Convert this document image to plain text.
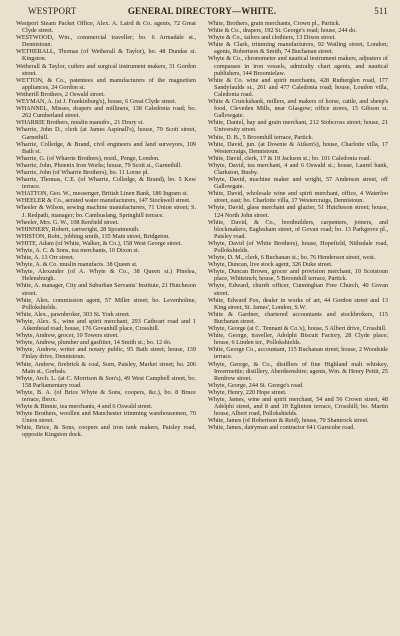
WESTPORT	GENERAL DIRECTORY—WHITE.	511

Westport Steam Packet Office, Alex. A. Laird & Co. agents, 72 Great Clyde street.

WESTWOOD, Wm., commercial traveller; bo. 6 Armadale st., Dennistoun.

WETHERALL, Thomas (of Wetherall & Taylor), bo. 48 Dundas st. Kingston.

Wetherall & Taylor, cutlers and surgical instrument makers, 31 Gordon street.

WETTON, & Co., patentees and manufacturers of the magnetism appliances, 24 Gordon st.

Wetherill Brothers, 2 Oswald street.

WEYMAN, A. (at J. Frankinburg's), house, 6 Great Clyde street.

WHANNEL, Misses, drapers and milliners, 138 Caledonia road; bo. 262 Cumberland street.

WHARRIE Brothers, muslin manufrs., 21 Drury st.

Wharrie, John D., clerk (at James Aspinall's), house, 79 Scott street, Garnethill.

Wharrie, Colledge, & Brand, civil engineers and land surveyors, 109 Bath st.

Wharrie, G. (of Wharrie Brothers), resid., Penge, London.

Wharrie, John, Phoenix Iron Works; house, 79 Scott st., Garnethill.

Wharrie, John (of Wharrie Brothers), bo. 11 Lorne pl.

Wharrie, Thomas, C.E. (of Wharrie, Colledge, & Brand), bo. 5 Kew terrace.

WHATTON, Geo. W., messenger, British Linen Bank, 186 Ingram st.

WHEELER & Co., aerated water manufacturers, 147 Stockwell street.

Wheeler & Wilson, sewing machine manufacturers, 71 Union street; S. J. Redpath, manager; bo. Cambuslang, Springhill terrace.

Wheeler, Mrs. G. W., 108 Renfield street.

WHINNERY, Robert, cartwright, 28 Spoutmouth.

WHISTON, Robt., jobbing smith, 135 Main street, Bridgeton.

WHITE, Adam (of White, Walker, & Co.), 158 West George street.

Whyte, A. C. & Sons, tea merchants, 10 Dixon st.

White, A. 13 Orr street.

Whyte, A. & Co. muslin manufacts. 38 Queen st.

Whyte, Alexander (of A. Whyte & Co., 38 Queen st.) Pinelea, Helensburgh.

White, A. manager, City and Suburban Servants' Institute, 21 Hutcheson street.

White, Alex. commission agent, 57 Miller street; bo. Levenholme, Pollokshields.

White, Alex., pawnbroker, 303 St. York street.

Whyte, Alex. S., wine and spirit merchant, 293 Cathcart road and 1 Aikenhead road; house, 176 Govanhill place, Crosshill.

Whyte, Andrew, grocer, 10 Towers street.

Whyte, Andrew, plumber and gasfitter, 14 Smith st.; bo. 12 do.

Whyte, Andrew, writer and notary public, 95 Bath street; house, 139 Finlay drive, Dennistoun.

White, Andrew, firebrick & coal, Sorn, Paisley, Market street; bo. 206 Main st., Gorbals.

Whyte, Arch. L. (at C. Morrison & Son's), 49 West Campbell street, bo. 158 Parliamentary road.

Whyte, B. A. (of Brice Whyte & Sons, coopers, &c.), bo. 8 Bruce terrace, Ibrox.

Whyte & Binnie, tea merchants, 4 and 6 Oswald street.

Whyte Brothers, woollen and Manchester trimming warehousemen, 70 Union street.

White, Brice, & Sons, coopers and iron tank makers, Paisley road, opposite Kingston dock.

White, Brothers, grain merchants, Crown pl., Partick.

White & Co., drapers, 192 St. George's road; house, 244 do.

Whyte & Co., tailors and clothiers, 13 Dixon street.

White & Clark, trimming manufacturers, 92 Watling street, London; agents, Robertson & Smith, 74 Buchanan street.

Whyte & Co., chronometer and nautical instrument makers, adjusters of compasses in iron vessels, admiralty chart agents, and nautical publishers, 144 Broomielaw.

White & Co. wine and spirit merchants, 428 Rutherglen road, 177 Sandyfaulds st., 261 and 477 Caledonia road; house, Loudon villa, Caledonia road.

White & Cruickshank, millers, and makers of horse, cattle, and sheep's food, Cleveden Mills, near Glasgow; office stores, 15 Gibson st. Gallowgate.

White, Daniel, hay and grain merchant, 212 Stobcross street; house, 21 University street.

White, D. B., 5 Broomhill terrace, Partick.

White, David, jun. (at Downie & Aitken's), house, Charlotte villa, 17 Westercraigs, Dennistoun.

White, David, clerk, 17 & 19 Jackson st.; bo. 101 Caledonia road.

Whyte, David, tea merchant, 4 and 6 Oswald st.; house, Laurel bank, Clarkston, Busby.

Whyte, David, machine maker and wright, 57 Anderson street, off Gallowgate.

White, David, wholesale wine and spirit merchant, office, 4 Waterloo street, east; bo. Charlotte villa, 17 Westercraigs, Dennistoun.

Whyte, David, glass merchant and glazier, 51 Hutcheson street; house, 124 North John street.

White, David, & Co., bootbuilders, carpenters, joiners, and blockmakers, Eaglesham street, of Govan road; bo. 13 Parkgrove pl., Paisley road.

Whyte, David (of White Brothers), house, Hopefield, Nithsdale road, Pollokshields.

Whyte, D. M., clerk, 6 Buchanan st.; bo. 76 Henderson street, west.

Whyte, Duncan, live stock agent, 326 Duke street.

Whyte, Duncan Brown, grocer and provision merchant, 10 Scotstoun place, Whiteinch; house, 5 Broomhill terrace, Partick.

Whyte, Edward, chureh officer, Cunninghan Free Church, 40 Govan street.

White, Edward Fox, dealer in works of art, 44 Gordon street and 13 King street, St. James', London, S.W.

White & Gardner, chartered accountants and stockbrokers, 115 Buchanan street.

Whyte, George (at C. Tennant & Co.'s), house, 5 Albert drive, Crosshill.

White, George, traveller, Adolphi Biscuit Factory, 28 Clyde place; house, 6 Linden ter., Pollokshields.

White, George Co., accountant, 115 Buchanan street; house, 2 Woodside terrace.

Whyte, George, & Co., distillers of fine Highland malt whiskey, Invermettie; distillery, Aberdeenshire; agents, Wm. & Henry Pettit, 25 Renfrew street.

Whyte, George, 244 St. George's road.

Whyte, Henry, 220 Hope street.

Whyte, James, wine and spirit merchant, 54 and 56 Crown street, 48 Adelphi street, and 8 and 10 Eglinton terrace, Crosshill; bo. Martin house, Albert road, Pollokshields.

White, James (of Robertson & Reid), house, 70 Shamrock street.

White, James, dairyman and contractor 641 Garscube road.
